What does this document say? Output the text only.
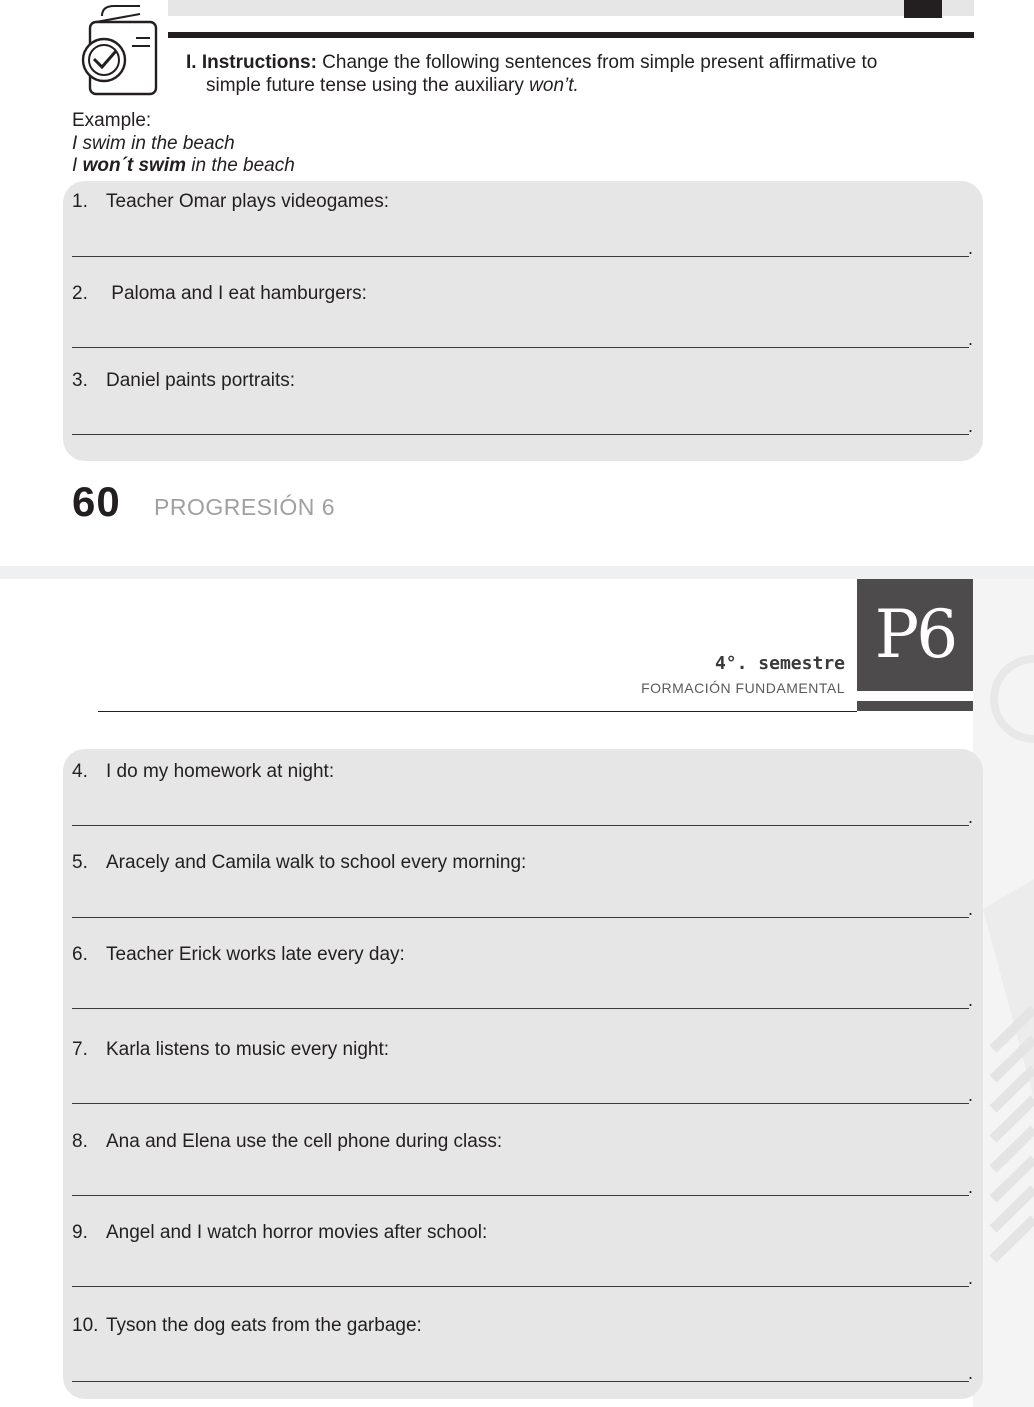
I. Instructions: Change the following sentences from simple present affirmative to
simple future tense using the auxiliary won’t.
Example:
I swim in the beach
I won´t swim in the beach
1. Teacher Omar plays videogames:
.
2. Paloma and I eat hamburgers:
.
3. Daniel paints portraits:
.
60 PROGRESIÓN 6
P6
4°. semestre
FORMACIÓN FUNDAMENTAL
4. I do my homework at night:
.
5. Aracely and Camila walk to school every morning:
.
6. Teacher Erick works late every day:
.
7. Karla listens to music every night:
.
8. Ana and Elena use the cell phone during class:
.
9. Angel and I watch horror movies after school:
.
10. Tyson the dog eats from the garbage:
.
